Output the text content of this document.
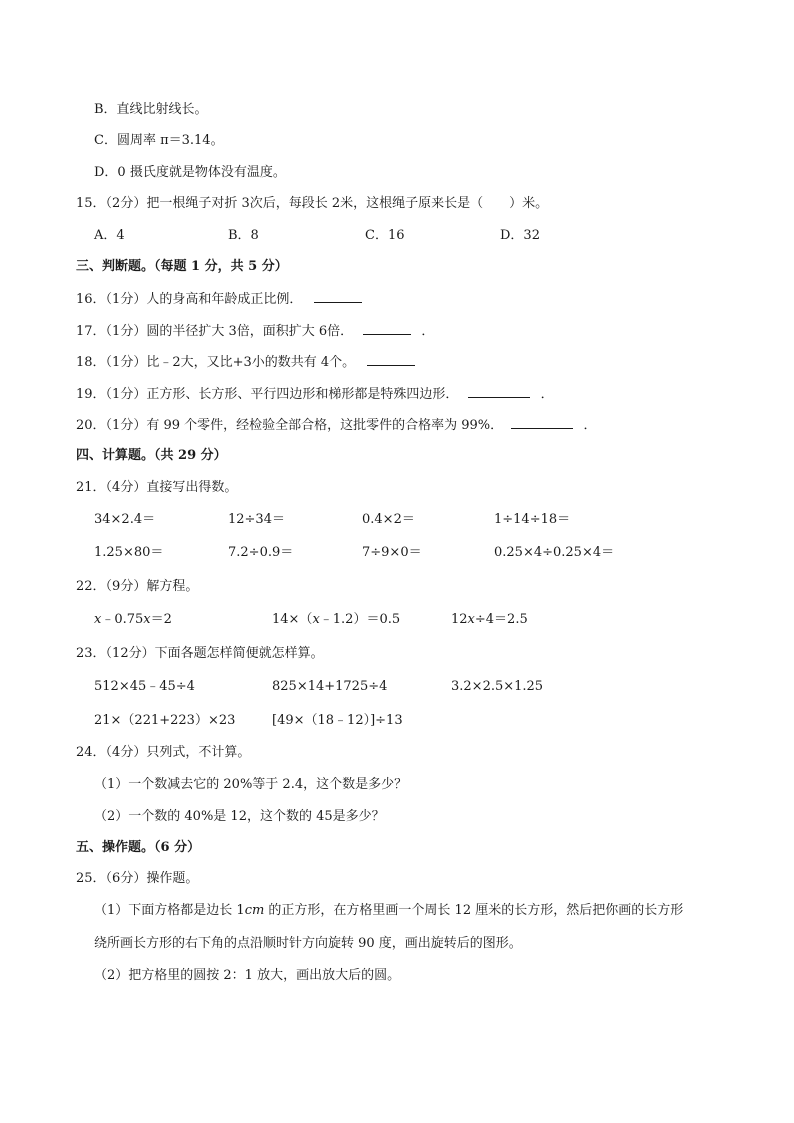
B．直线比射线长。
C．圆周率 π＝3.14。
D．0 摄氏度就是物体没有温度。
15．（2分）把一根绳子对折 3次后，每段长 2米，这根绳子原来长是（　　）米。
A．4	B．8	C．16	D．32
三、判断题。（每题 1 分，共 5 分）
16．（1分）人的身高和年龄成正比例．
17．（1分）圆的半径扩大 3倍，面积扩大 6倍．	．
18．（1分）比﹣2大，又比+3小的数共有 4个。
19．（1分）正方形、长方形、平行四边形和梯形都是特殊四边形．	．
20．（1分）有 99 个零件，经检验全部合格，这批零件的合格率为 99%．	．
四、计算题。（共 29 分）
21．（4分）直接写出得数。
34×2.4＝	12÷34＝	0.4×2＝	1÷14÷18＝
1.25×80＝	7.2÷0.9＝	7÷9×0＝	0.25×4÷0.25×4＝
22．（9分）解方程。
x﹣0.75x＝2	14×（x﹣1.2）＝0.5	12x÷4＝2.5
23．（12分）下面各题怎样简便就怎样算。
512×45﹣45÷4	825×14+1725÷4	3.2×2.5×1.25
21×（221+223）×23	[49×（18﹣12）]÷13
24．（4分）只列式，不计算。
（1）一个数减去它的 20%等于 2.4，这个数是多少？
（2）一个数的 40%是 12，这个数的 45是多少？
五、操作题。（6 分）
25．（6分）操作题。
（1）下面方格都是边长 1cm 的正方形，在方格里画一个周长 12 厘米的长方形，然后把你画的长方形
绕所画长方形的右下角的点沿顺时针方向旋转 90 度，画出旋转后的图形。
（2）把方格里的圆按 2：1 放大，画出放大后的圆。
